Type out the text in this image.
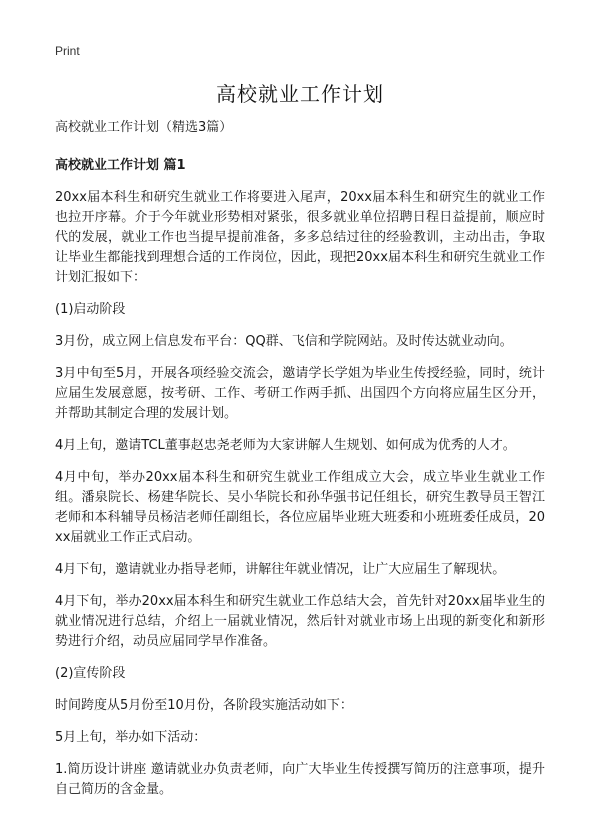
Print
高校就业工作计划

高校就业工作计划（精选3篇）

高校就业工作计划 篇1

20xx届本科生和研究生就业工作将要进入尾声，20xx届本科生和研究生的就业工作也拉开序幕。介于今年就业形势相对紧张，很多就业单位招聘日程日益提前，顺应时代的发展，就业工作也当提早提前准备，多多总结过往的经验教训，主动出击，争取让毕业生都能找到理想合适的工作岗位，因此，现把20xx届本科生和研究生就业工作计划汇报如下：

(1)启动阶段

3月份，成立网上信息发布平台：QQ群、飞信和学院网站。及时传达就业动向。

3月中旬至5月，开展各项经验交流会，邀请学长学姐为毕业生传授经验，同时，统计应届生发展意愿，按考研、工作、考研工作两手抓、出国四个方向将应届生区分开，并帮助其制定合理的发展计划。

4月上旬，邀请TCL董事赵忠尧老师为大家讲解人生规划、如何成为优秀的人才。

4月中旬，举办20xx届本科生和研究生就业工作组成立大会，成立毕业生就业工作组。潘泉院长、杨建华院长、吴小华院长和孙华强书记任组长，研究生教导员王智江老师和本科辅导员杨洁老师任副组长，各位应届毕业班大班委和小班班委任成员，20xx届就业工作正式启动。

4月下旬，邀请就业办指导老师，讲解往年就业情况，让广大应届生了解现状。

4月下旬，举办20xx届本科生和研究生就业工作总结大会，首先针对20xx届毕业生的就业情况进行总结，介绍上一届就业情况，然后针对就业市场上出现的新变化和新形势进行介绍，动员应届同学早作准备。

(2)宣传阶段

时间跨度从5月份至10月份，各阶段实施活动如下：

5月上旬，举办如下活动：

1.简历设计讲座 邀请就业办负责老师，向广大毕业生传授撰写简历的注意事项，提升自己简历的含金量。
